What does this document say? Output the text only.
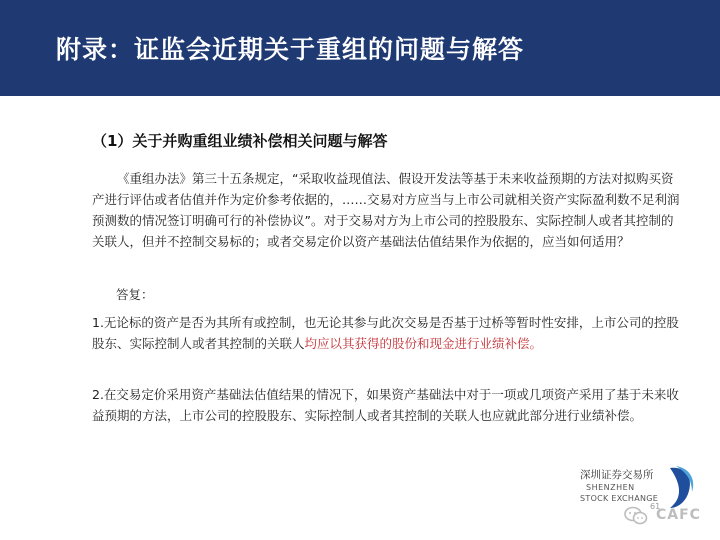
附录：证监会近期关于重组的问题与解答
（1）关于并购重组业绩补偿相关问题与解答
《重组办法》第三十五条规定，“采取收益现值法、假设开发法等基于未来收益预期的方法对拟购买资产进行评估或者估值并作为定价参考依据的，……交易对方应当与上市公司就相关资产实际盈利数不足利润预测数的情况签订明确可行的补偿协议”。对于交易对方为上市公司的控股股东、实际控制人或者其控制的关联人，但并不控制交易标的；或者交易定价以资产基础法估值结果作为依据的，应当如何适用？
答复：
1.无论标的资产是否为其所有或控制，也无论其参与此次交易是否基于过桥等暂时性安排，上市公司的控股股东、实际控制人或者其控制的关联人均应以其获得的股份和现金进行业绩补偿。
2.在交易定价采用资产基础法估值结果的情况下，如果资产基础法中对于一项或几项资产采用了基于未来收益预期的方法，上市公司的控股股东、实际控制人或者其控制的关联人也应就此部分进行业绩补偿。
深圳证券交易所
SHENZHEN
STOCK EXCHANGE
61
CAFC
